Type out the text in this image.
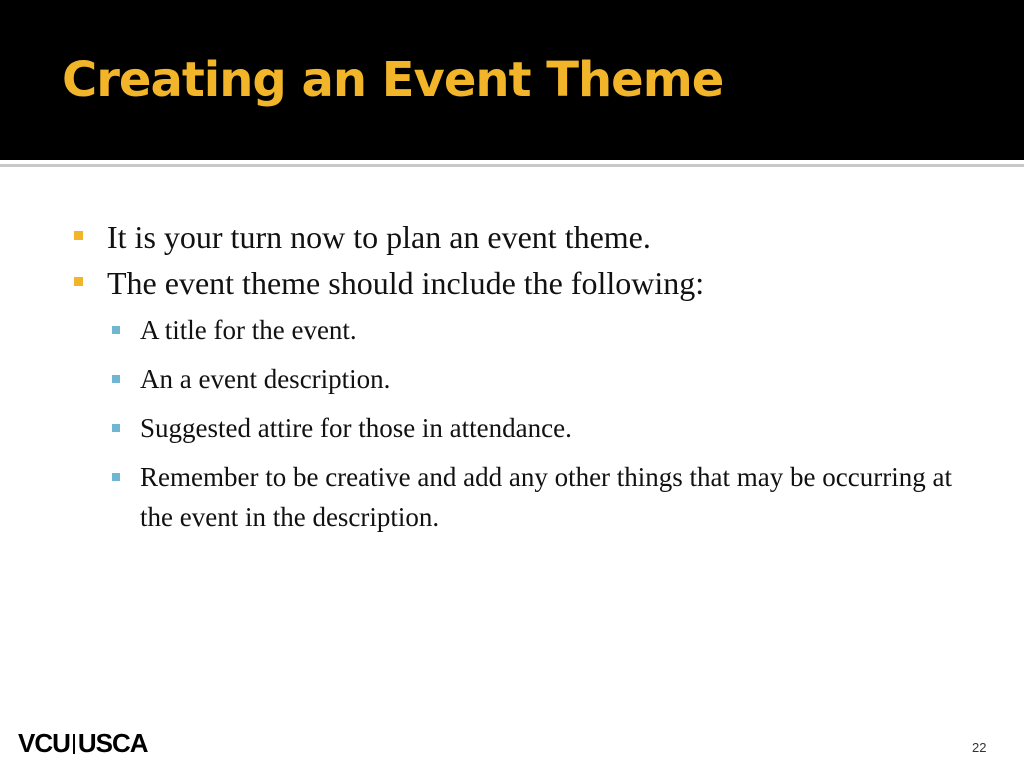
Creating an Event Theme
It is your turn now to plan an event theme.
The event theme should include the following:
A title for the event.
An a event description.
Suggested attire for those in attendance.
Remember to be creative and add any other things that may be occurring at the event in the description.
VCU USCA	22
